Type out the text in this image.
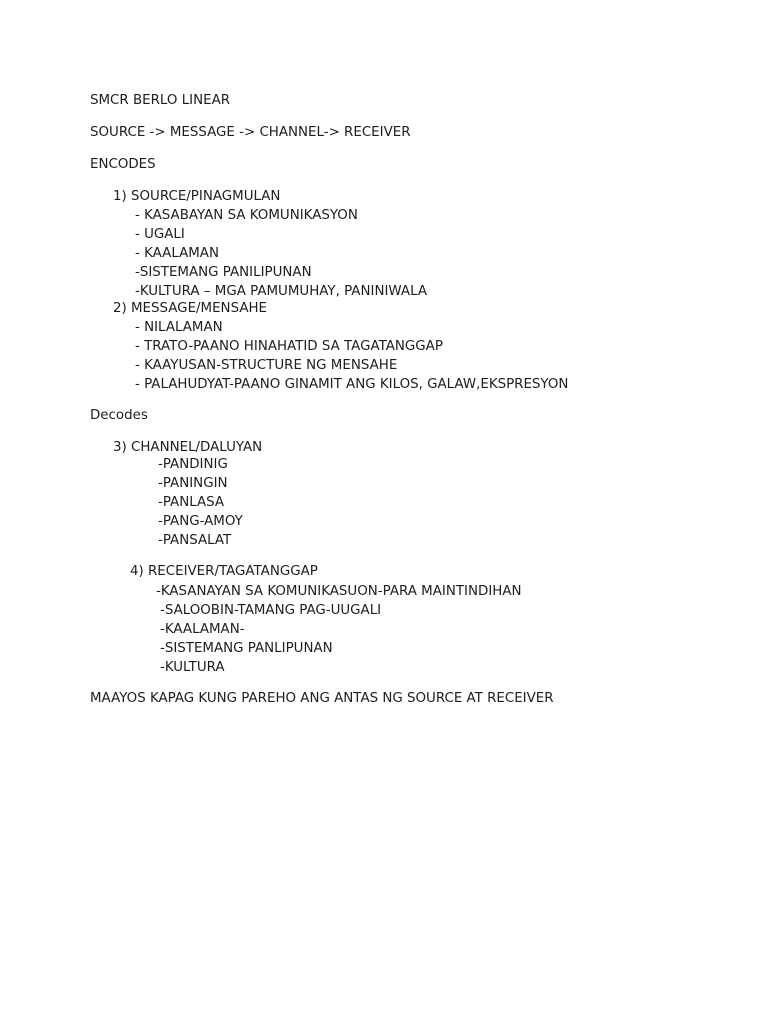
SMCR BERLO LINEAR
SOURCE -> MESSAGE -> CHANNEL-> RECEIVER
ENCODES
1) SOURCE/PINAGMULAN
- KASABAYAN SA KOMUNIKASYON
- UGALI
- KAALAMAN
-SISTEMANG PANILIPUNAN
-KULTURA – MGA PAMUMUHAY, PANINIWALA
2) MESSAGE/MENSAHE
- NILALAMAN
- TRATO-PAANO HINAHATID SA TAGATANGGAP
- KAAYUSAN-STRUCTURE NG MENSAHE
- PALAHUDYAT-PAANO GINAMIT ANG KILOS, GALAW,EKSPRESYON
Decodes
3) CHANNEL/DALUYAN
-PANDINIG
-PANINGIN
-PANLASA
-PANG-AMOY
-PANSALAT
4) RECEIVER/TAGATANGGAP
-KASANAYAN SA KOMUNIKASUON-PARA MAINTINDIHAN
-SALOOBIN-TAMANG PAG-UUGALI
-KAALAMAN-
-SISTEMANG PANLIPUNAN
-KULTURA
MAAYOS KAPAG KUNG PAREHO ANG ANTAS NG SOURCE AT RECEIVER
